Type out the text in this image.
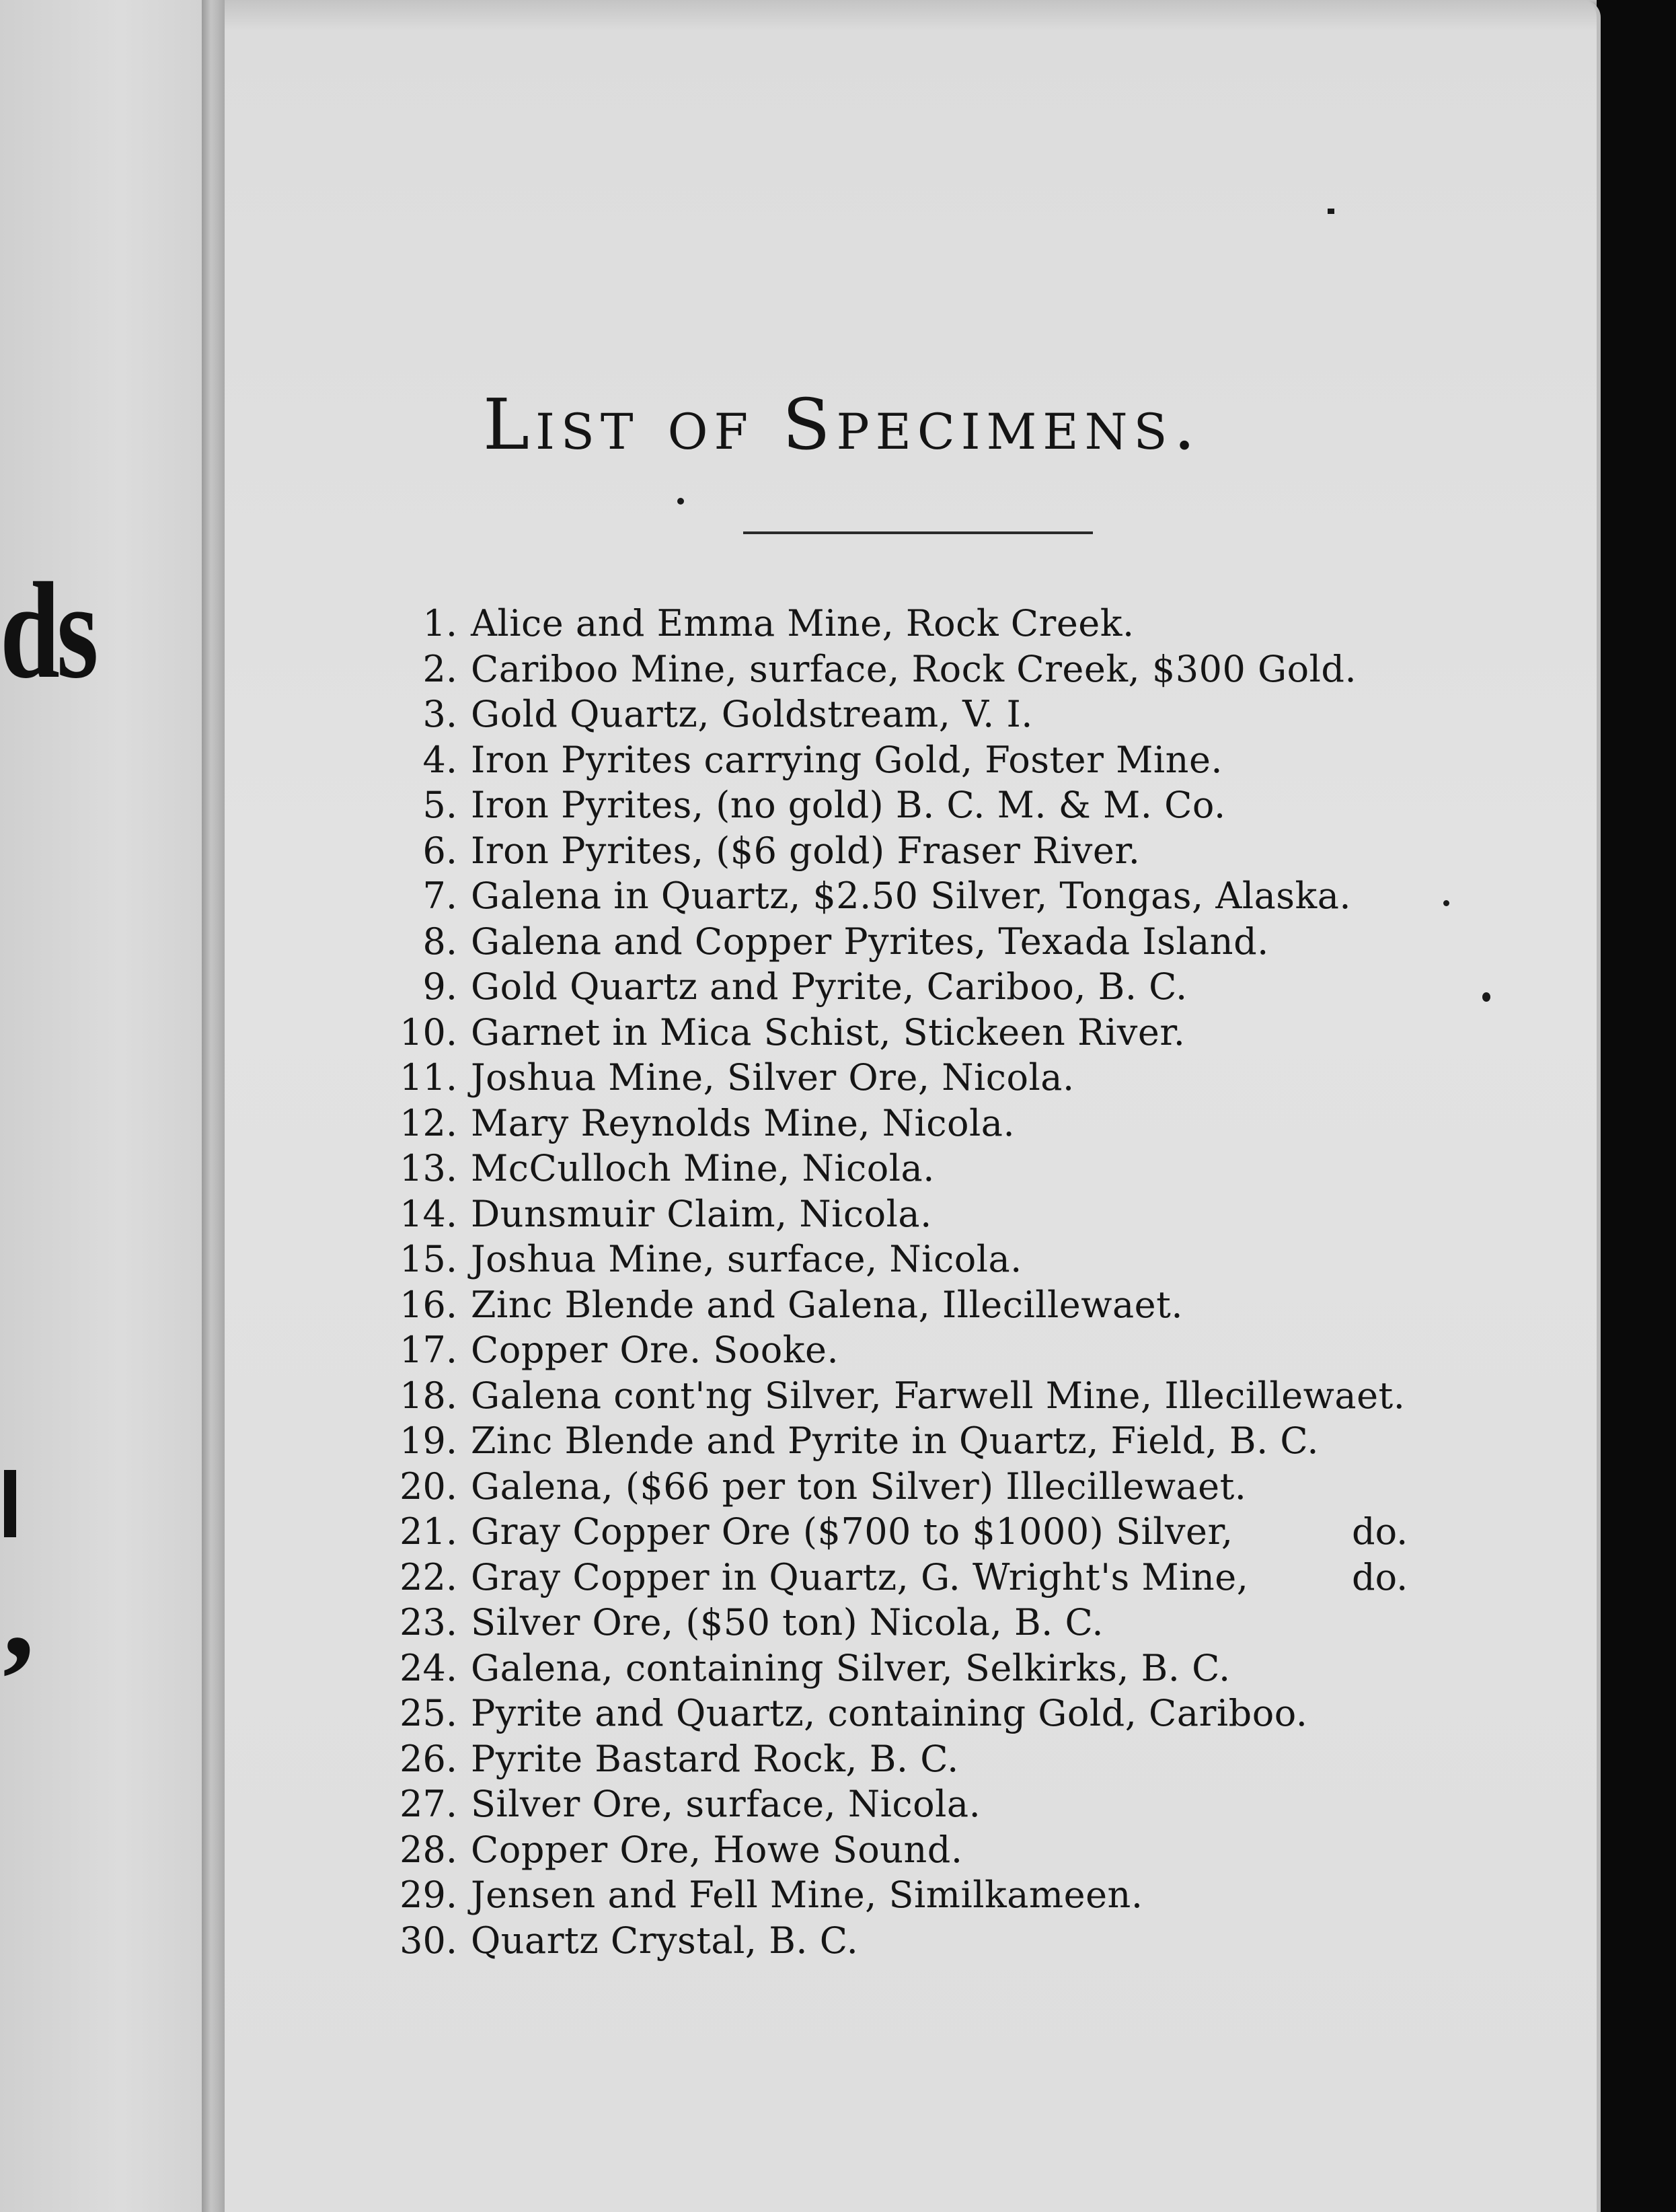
ds
,
List of Specimens.
1. Alice and Emma Mine, Rock Creek.
2. Cariboo Mine, surface, Rock Creek, $300 Gold.
3. Gold Quartz, Goldstream, V. I.
4. Iron Pyrites carrying Gold, Foster Mine.
5. Iron Pyrites, (no gold) B. C. M. & M. Co.
6. Iron Pyrites, ($6 gold) Fraser River.
7. Galena in Quartz, $2.50 Silver, Tongas, Alaska.
8. Galena and Copper Pyrites, Texada Island.
9. Gold Quartz and Pyrite, Cariboo, B. C.
10. Garnet in Mica Schist, Stickeen River.
11. Joshua Mine, Silver Ore, Nicola.
12. Mary Reynolds Mine, Nicola.
13. McCulloch Mine, Nicola.
14. Dunsmuir Claim, Nicola.
15. Joshua Mine, surface, Nicola.
16. Zinc Blende and Galena, Illecillewaet.
17. Copper Ore. Sooke.
18. Galena cont'ng Silver, Farwell Mine, Illecillewaet.
19. Zinc Blende and Pyrite in Quartz, Field, B. C.
20. Galena, ($66 per ton Silver) Illecillewaet.
21. Gray Copper Ore ($700 to $1000) Silver,	do.
22. Gray Copper in Quartz, G. Wright's Mine,	do.
23. Silver Ore, ($50 ton) Nicola, B. C.
24. Galena, containing Silver, Selkirks, B. C.
25. Pyrite and Quartz, containing Gold, Cariboo.
26. Pyrite Bastard Rock, B. C.
27. Silver Ore, surface, Nicola.
28. Copper Ore, Howe Sound.
29. Jensen and Fell Mine, Similkameen.
30. Quartz Crystal, B. C.
